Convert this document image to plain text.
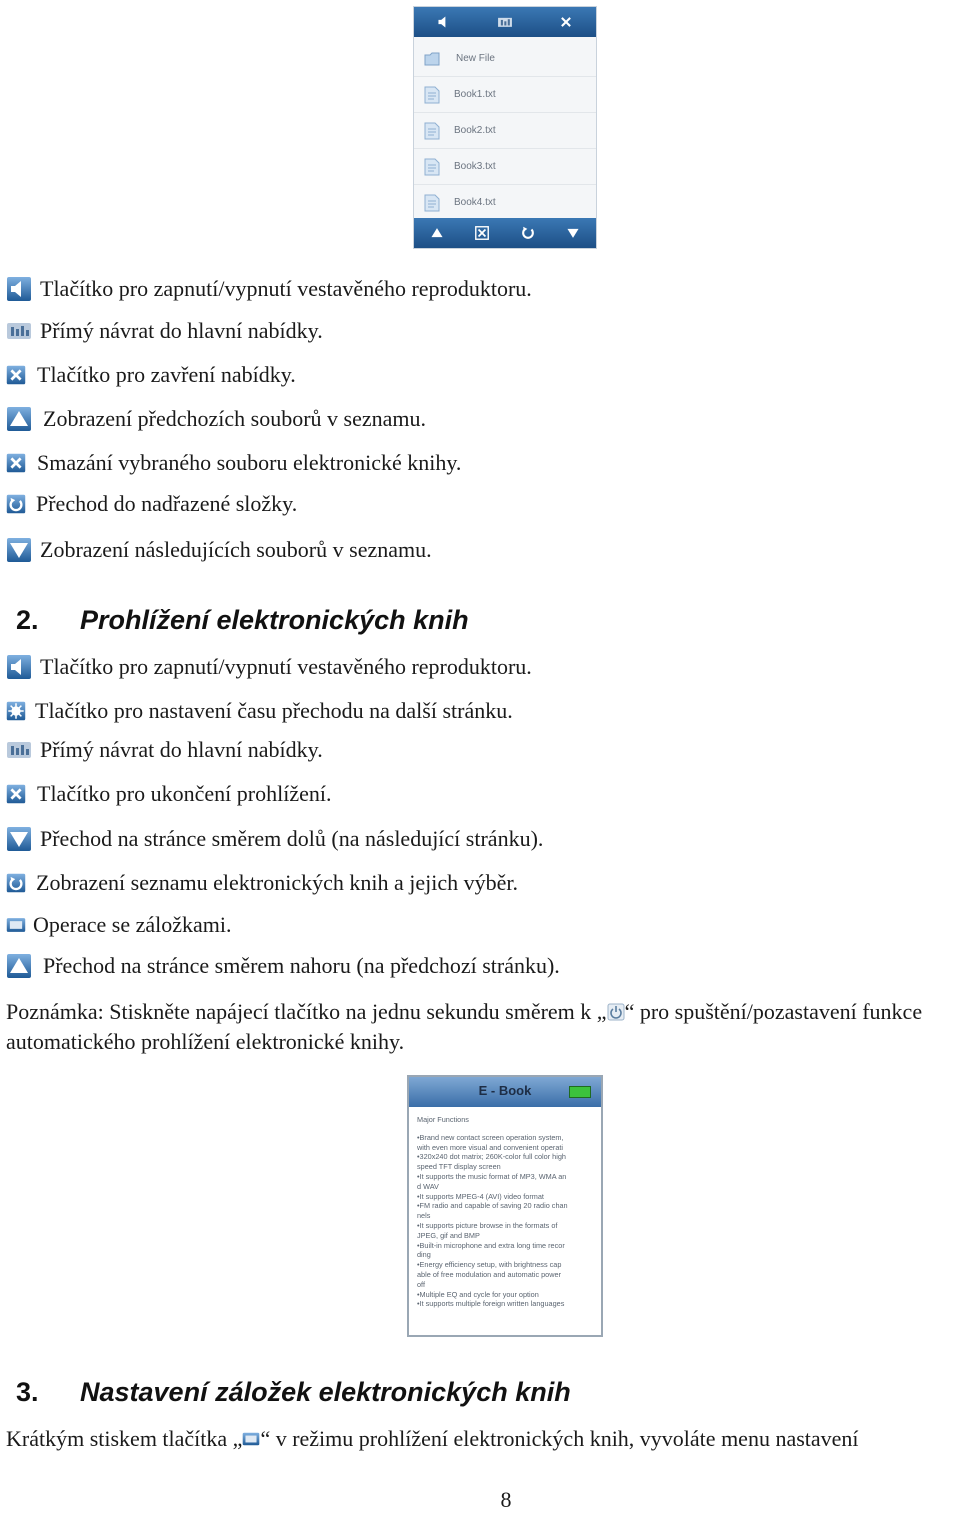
New File
Book1.txt
Book2.txt
Book3.txt
Book4.txt
Tlačítko pro zapnutí/vypnutí vestavěného reproduktoru.
Přímý návrat do hlavní nabídky.
Tlačítko pro zavření nabídky.
Zobrazení předchozích souborů v seznamu.
Smazání vybraného souboru elektronické knihy.
Přechod do nadřazené složky.
Zobrazení následujících souborů v seznamu.
2. Prohlížení elektronických knih
Tlačítko pro zapnutí/vypnutí vestavěného reproduktoru.
Tlačítko pro nastavení času přechodu na další stránku.
Přímý návrat do hlavní nabídky.
Tlačítko pro ukončení prohlížení.
Přechod na stránce směrem dolů (na následující stránku).
Zobrazení seznamu elektronických knih a jejich výběr.
Operace se záložkami.
Přechod na stránce směrem nahoru (na předchozí stránku).
Poznámka: Stiskněte napájecí tlačítko na jednu sekundu směrem k „ “ pro spuštění/pozastavení funkce automatického prohlížení elektronické knihy.
E - Book
Major Functions
•Brand new contact screen operation system,
with even more visual and convenient operati
•320x240 dot matrix; 260K-color full color high
speed TFT display screen
•It supports the music format of MP3, WMA an
d WAV
•It supports MPEG-4 (AVI) video format
•FM radio and capable of saving 20 radio chan
nels
•It supports picture browse in the formats of
JPEG, gif and BMP
•Built-in microphone and extra long time recor
ding
•Energy efficiency setup, with brightness cap
able of free modulation and automatic power
off
•Multiple EQ and cycle for your option
•It supports multiple foreign written languages
3. Nastavení záložek elektronických knih
Krátkým stiskem tlačítka „ “ v režimu prohlížení elektronických knih, vyvoláte menu nastavení
8
